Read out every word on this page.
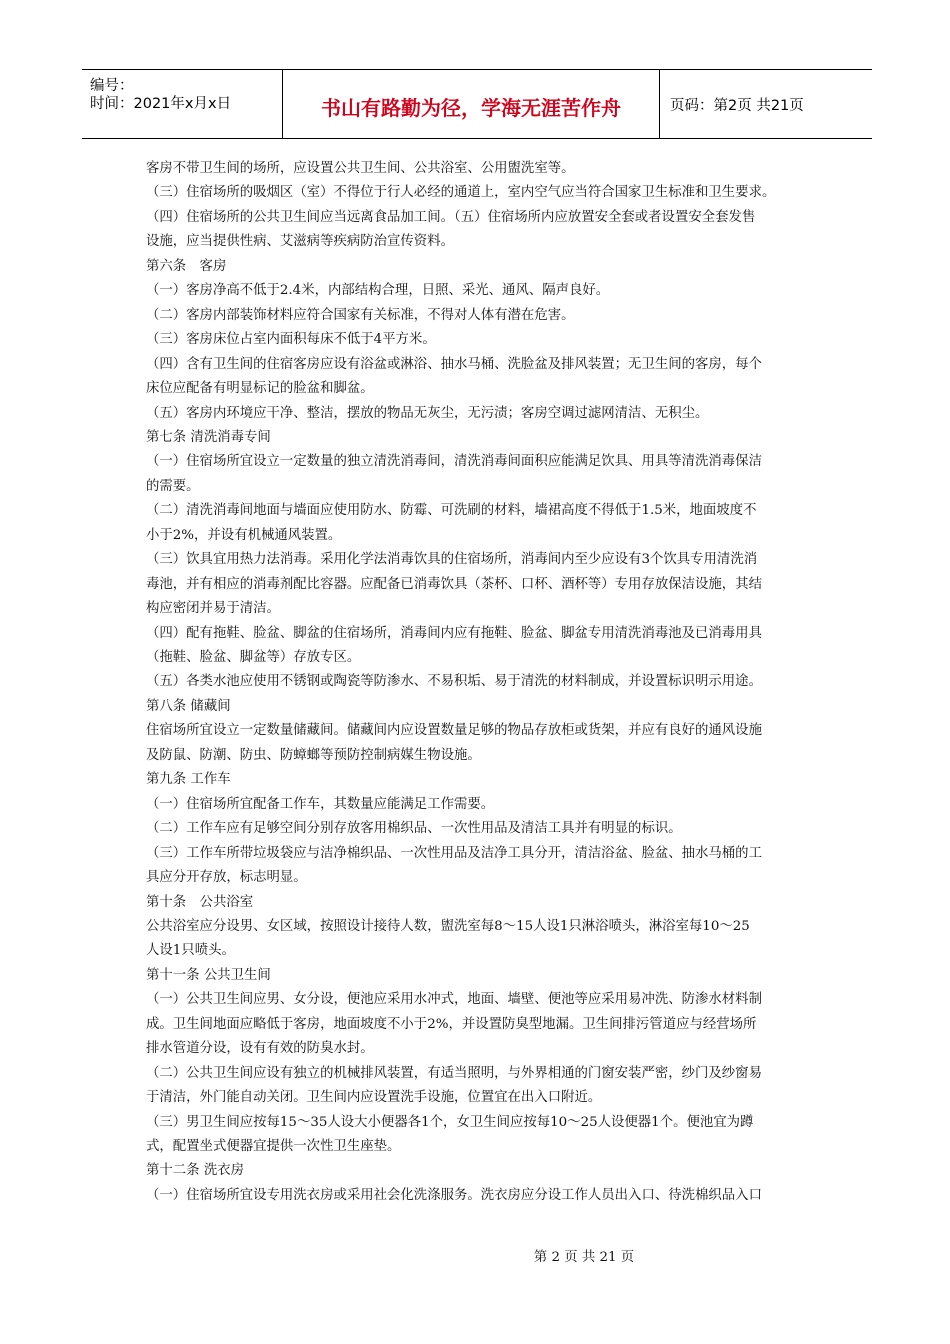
编号：
时间：2021年x月x日	书山有路勤为径，学海无涯苦作舟	页码：第2页 共21页
客房不带卫生间的场所，应设置公共卫生间、公共浴室、公用盥洗室等。
（三）住宿场所的吸烟区（室）不得位于行人必经的通道上，室内空气应当符合国家卫生标准和卫生要求。
（四）住宿场所的公共卫生间应当远离食品加工间。（五）住宿场所内应放置安全套或者设置安全套发售
设施，应当提供性病、艾滋病等疾病防治宣传资料。
第六条　客房
（一）客房净高不低于2.4米，内部结构合理，日照、采光、通风、隔声良好。
（二）客房内部装饰材料应符合国家有关标准，不得对人体有潜在危害。
（三）客房床位占室内面积每床不低于4平方米。
（四）含有卫生间的住宿客房应设有浴盆或淋浴、抽水马桶、洗脸盆及排风装置；无卫生间的客房，每个
床位应配备有明显标记的脸盆和脚盆。
（五）客房内环境应干净、整洁，摆放的物品无灰尘，无污渍；客房空调过滤网清洁、无积尘。
第七条 清洗消毒专间
（一）住宿场所宜设立一定数量的独立清洗消毒间，清洗消毒间面积应能满足饮具、用具等清洗消毒保洁
的需要。
（二）清洗消毒间地面与墙面应使用防水、防霉、可洗刷的材料，墙裙高度不得低于1.5米，地面坡度不
小于2%，并设有机械通风装置。
（三）饮具宜用热力法消毒。采用化学法消毒饮具的住宿场所，消毒间内至少应设有3个饮具专用清洗消
毒池，并有相应的消毒剂配比容器。应配备已消毒饮具（茶杯、口杯、酒杯等）专用存放保洁设施，其结
构应密闭并易于清洁。
（四）配有拖鞋、脸盆、脚盆的住宿场所，消毒间内应有拖鞋、脸盆、脚盆专用清洗消毒池及已消毒用具
（拖鞋、脸盆、脚盆等）存放专区。
（五）各类水池应使用不锈钢或陶瓷等防渗水、不易积垢、易于清洗的材料制成，并设置标识明示用途。
第八条 储藏间
住宿场所宜设立一定数量储藏间。储藏间内应设置数量足够的物品存放柜或货架，并应有良好的通风设施
及防鼠、防潮、防虫、防蟑螂等预防控制病媒生物设施。
第九条 工作车
（一）住宿场所宜配备工作车，其数量应能满足工作需要。
（二）工作车应有足够空间分别存放客用棉织品、一次性用品及清洁工具并有明显的标识。
（三）工作车所带垃圾袋应与洁净棉织品、一次性用品及洁净工具分开，清洁浴盆、脸盆、抽水马桶的工
具应分开存放，标志明显。
第十条　公共浴室
公共浴室应分设男、女区域，按照设计接待人数，盥洗室每8～15人设1只淋浴喷头，淋浴室每10～25
人设1只喷头。
第十一条 公共卫生间
（一）公共卫生间应男、女分设，便池应采用水冲式，地面、墙壁、便池等应采用易冲洗、防渗水材料制
成。卫生间地面应略低于客房，地面坡度不小于2%，并设置防臭型地漏。卫生间排污管道应与经营场所
排水管道分设，设有有效的防臭水封。
（二）公共卫生间应设有独立的机械排风装置，有适当照明，与外界相通的门窗安装严密，纱门及纱窗易
于清洁，外门能自动关闭。卫生间内应设置洗手设施，位置宜在出入口附近。
（三）男卫生间应按每15～35人设大小便器各1个，女卫生间应按每10～25人设便器1个。便池宜为蹲
式，配置坐式便器宜提供一次性卫生座垫。
第十二条 洗衣房
（一）住宿场所宜设专用洗衣房或采用社会化洗涤服务。洗衣房应分设工作人员出入口、待洗棉织品入口
第 2 页 共 21 页
